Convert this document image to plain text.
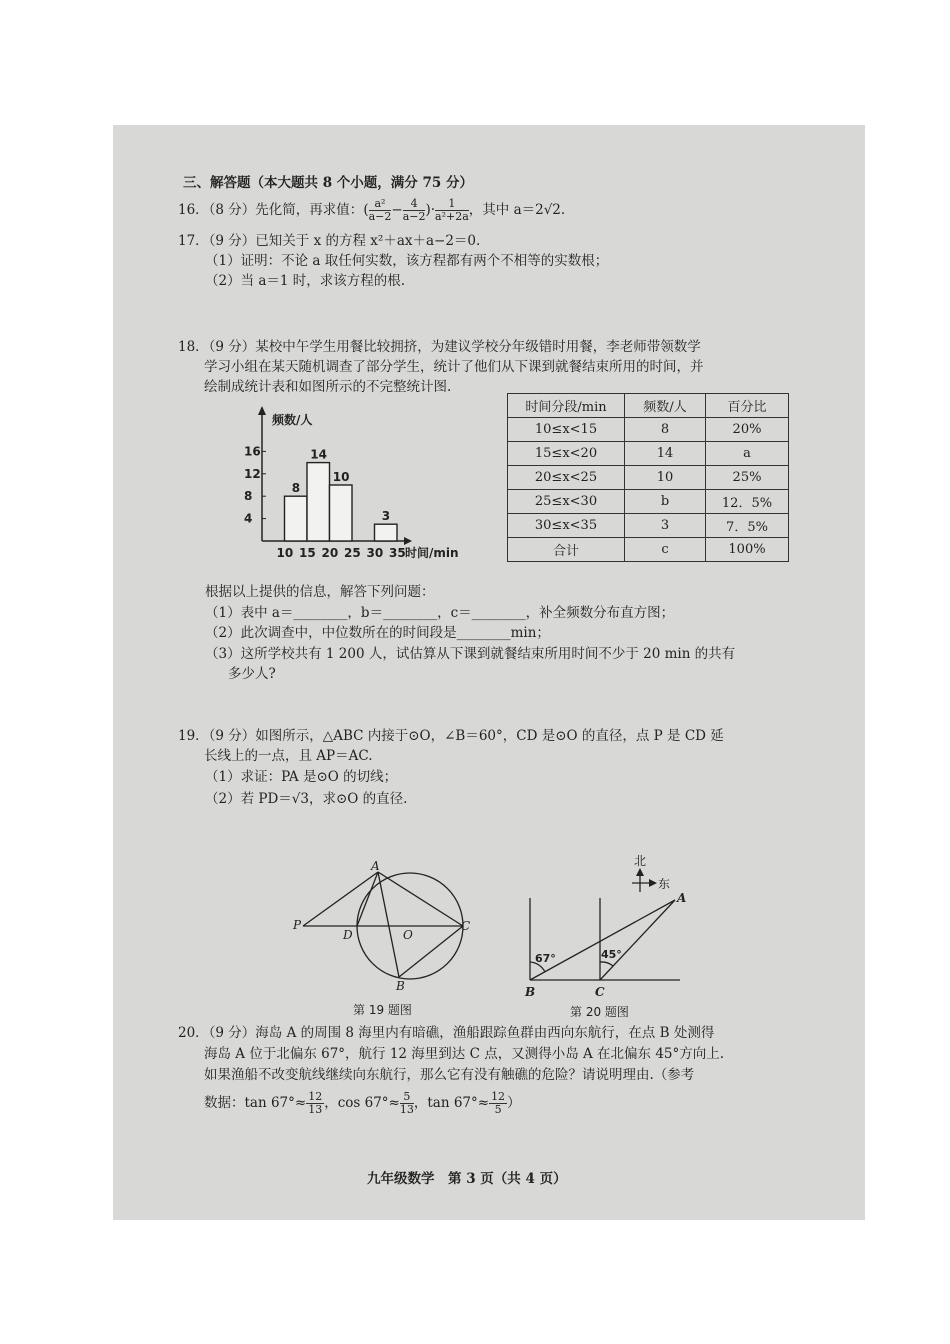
三、解答题（本大题共 8 个小题，满分 75 分）
16．（8 分）先化简，再求值：( $\frac{\text{a²}}{a-2} - \frac{4}{a-2}$ )· $\frac{1}{\text{a²+2a}}$ ，其中 a＝2√2.
17．（9 分）已知关于 x 的方程 x²＋ax＋a−2＝0.
（1）证明：不论 a 取任何实数，该方程都有两个不相等的实数根；
（2）当 a＝1 时，求该方程的根.
18．（9 分）某校中午学生用餐比较拥挤，为建议学校分年级错时用餐，李老师带领数学
学习小组在某天随机调查了部分学生，统计了他们从下课到就餐结束所用的时间，并
绘制成统计表和如图所示的不完整统计图.
频数/人
4
8
12
16
10 15 20 25 30 35 时间/min
8
14
10
3
时间分段/min	频数/人	百分比
10≤x<15	8	20%
15≤x<20	14	a
20≤x<25	10	25%
25≤x<30	b	12．5%
30≤x<35	3	7．5%
合计	c	100%
根据以上提供的信息，解答下列问题：
（1）表中 a＝________，b＝________，c＝________，补全频数分布直方图；
（2）此次调查中，中位数所在的时间段是________min；
（3）这所学校共有 1 200 人，试估算从下课到就餐结束所用时间不少于 20 min 的共有
多少人?
19．（9 分）如图所示，△ABC 内接于⊙O，∠B＝60°，CD 是⊙O 的直径，点 P 是 CD 延
长线上的一点，且 AP＝AC.
（1）求证：PA 是⊙O 的切线；
（2）若 PD＝√3，求⊙O 的直径.
A
P
D	O
C
B
第 19 题图
北
东
67°	45°
第 20 题图
A
B	C
20．（9 分）海岛 A 的周围 8 海里内有暗礁，渔船跟踪鱼群由西向东航行，在点 B 处测得
海岛 A 位于北偏东 67°，航行 12 海里到达 C 点，又测得小岛 A 在北偏东 45°方向上.
如果渔船不改变航线继续向东航行，那么它有没有触礁的危险？请说明理由.（参考
数据：$\tan 67^\circ\approx \frac{12}{13}$ ，$\cos 67^\circ\approx \frac{5}{13}$ ，$\tan 67^\circ\approx \frac{12}{5}$ ）
九年级数学　第 3 页（共 4 页）
